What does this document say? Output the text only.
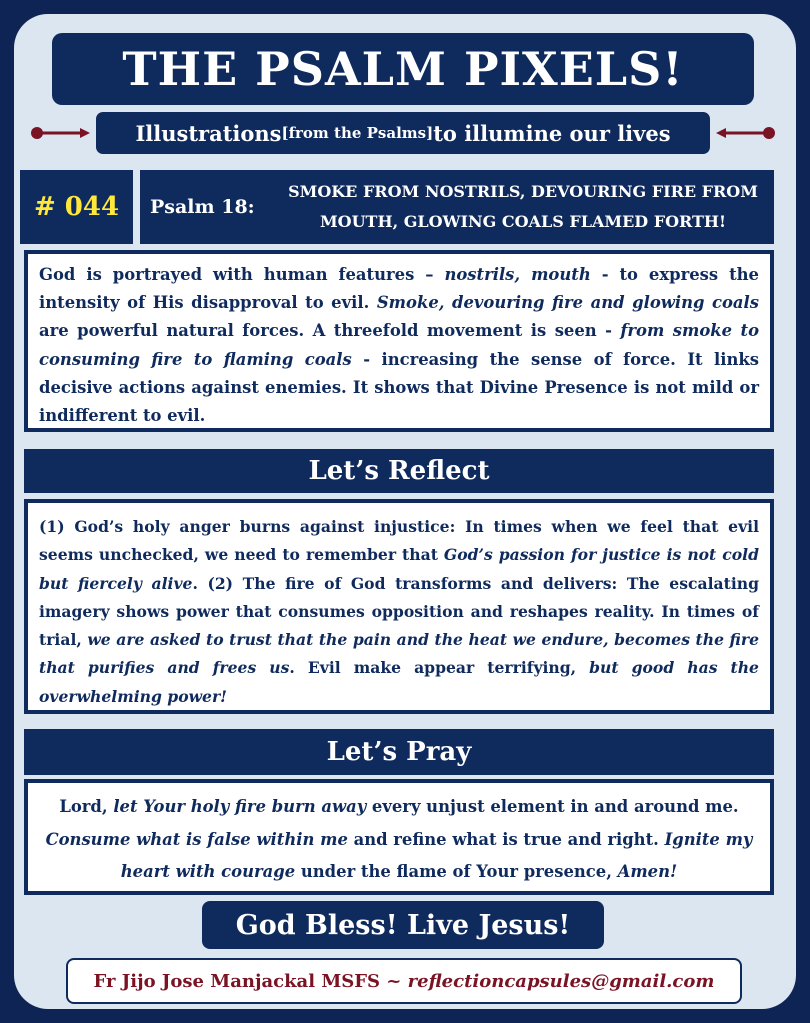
THE PSALM PIXELS!
Illustrations [from the Psalms] to illumine our lives
# 044	Psalm 18:
SMOKE FROM NOSTRILS, DEVOURING FIRE FROM
MOUTH, GLOWING COALS FLAMED FORTH!
God is portrayed with human features – nostrils, mouth - to express the intensity of His disapproval to evil. Smoke, devouring fire and glowing coals are powerful natural forces. A threefold movement is seen - from smoke to consuming fire to flaming coals - increasing the sense of force. It links decisive actions against enemies. It shows that Divine Presence is not mild or indifferent to evil.
Let’s Reflect
(1) God’s holy anger burns against injustice: In times when we feel that evil seems unchecked, we need to remember that God’s passion for justice is not cold but fiercely alive. (2) The fire of God transforms and delivers: The escalating imagery shows power that consumes opposition and reshapes reality. In times of trial, we are asked to trust that the pain and the heat we endure, becomes the fire that purifies and frees us. Evil make appear terrifying, but good has the overwhelming power!
Let’s Pray
Lord, let Your holy fire burn away every unjust element in and around me. Consume what is false within me and refine what is true and right. Ignite my heart with courage under the flame of Your presence, Amen!
God Bless! Live Jesus!
Fr Jijo Jose Manjackal MSFS ~
reflectioncapsules@gmail.com
